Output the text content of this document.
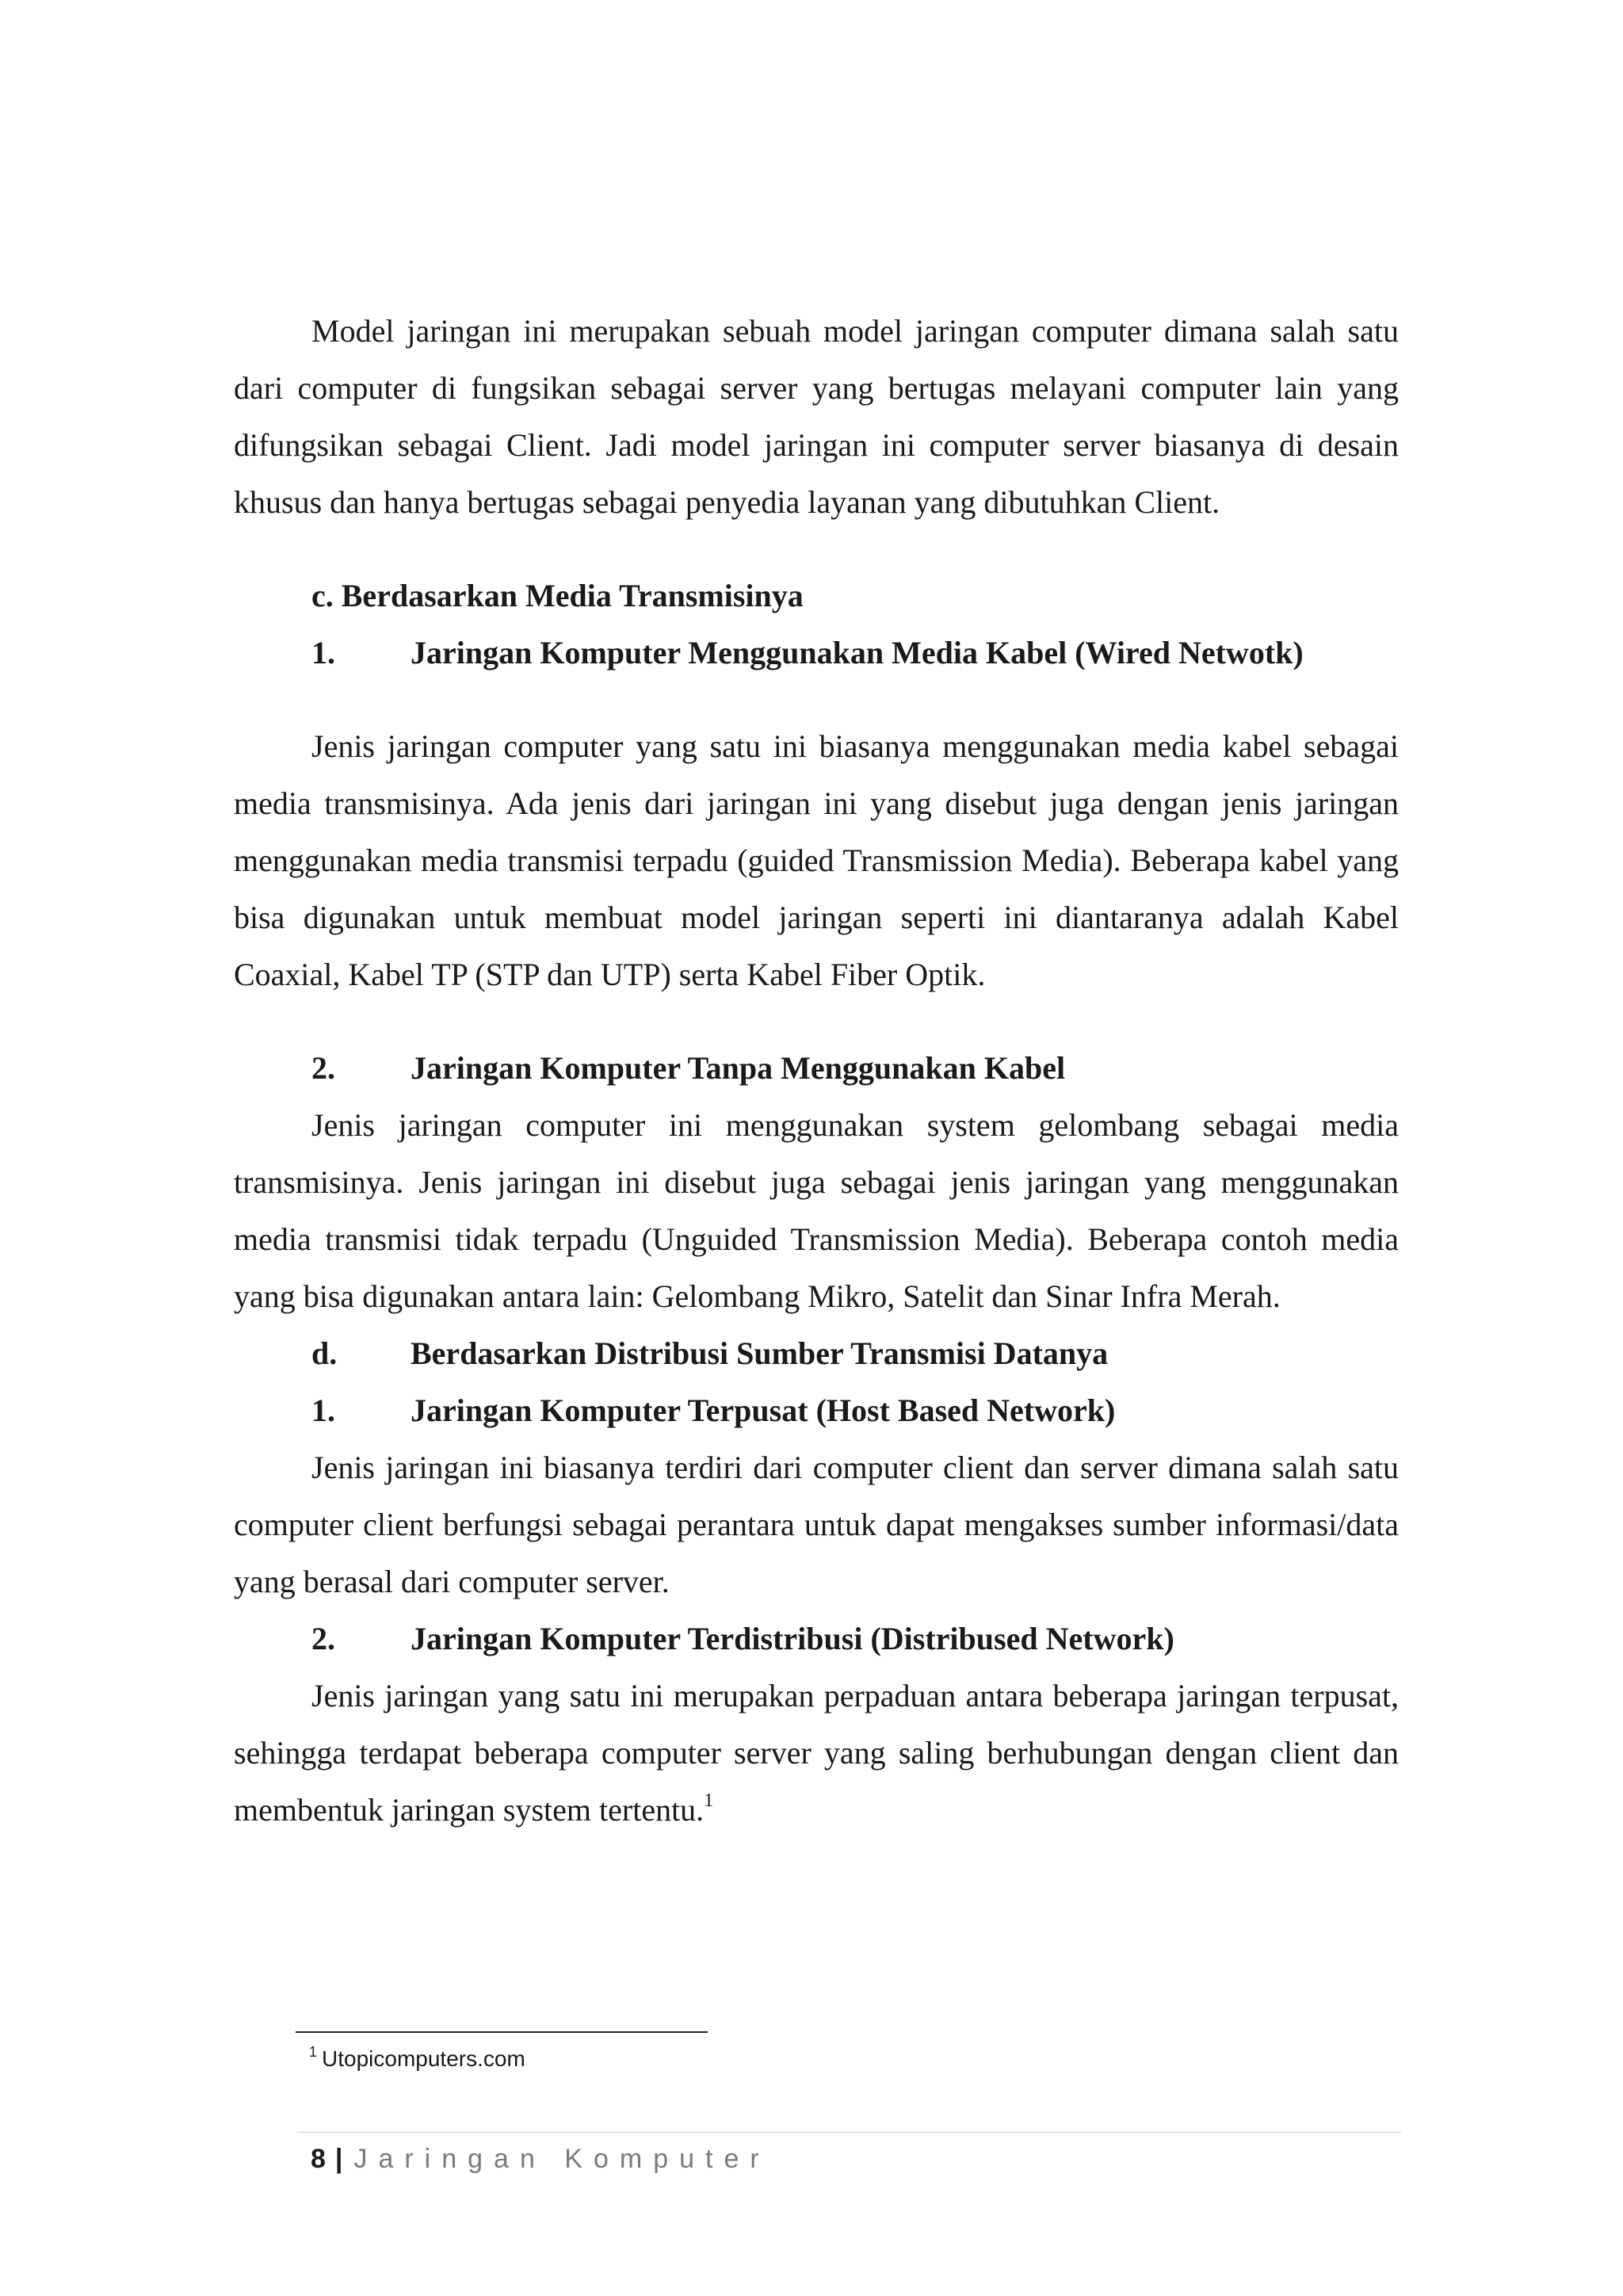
Model jaringan ini merupakan sebuah model jaringan computer dimana salah satu dari computer di fungsikan sebagai server yang bertugas melayani computer lain yang difungsikan sebagai Client. Jadi model jaringan ini computer server biasanya di desain khusus dan hanya bertugas sebagai penyedia layanan yang dibutuhkan Client.

c. Berdasarkan Media Transmisinya

1.	Jaringan Komputer Menggunakan Media Kabel (Wired Netwotk)

Jenis jaringan computer yang satu ini biasanya menggunakan media kabel sebagai media transmisinya. Ada jenis dari jaringan ini yang disebut juga dengan jenis jaringan menggunakan media transmisi terpadu (guided Transmission Media). Beberapa kabel yang bisa digunakan untuk membuat model jaringan seperti ini diantaranya adalah Kabel Coaxial, Kabel TP (STP dan UTP) serta Kabel Fiber Optik.

2.	Jaringan Komputer Tanpa Menggunakan Kabel

Jenis jaringan computer ini menggunakan system gelombang sebagai media transmisinya. Jenis jaringan ini disebut juga sebagai jenis jaringan yang menggunakan media transmisi tidak terpadu (Unguided Transmission Media). Beberapa contoh media yang bisa digunakan antara lain: Gelombang Mikro, Satelit dan Sinar Infra Merah.

d.	Berdasarkan Distribusi Sumber Transmisi Datanya

1.	Jaringan Komputer Terpusat (Host Based Network)

Jenis jaringan ini biasanya terdiri dari computer client dan server dimana salah satu computer client berfungsi sebagai perantara untuk dapat mengakses sumber informasi/data yang berasal dari computer server.

2.	Jaringan Komputer Terdistribusi (Distribused Network)

Jenis jaringan yang satu ini merupakan perpaduan antara beberapa jaringan terpusat, sehingga terdapat beberapa computer server yang saling berhubungan dengan client dan membentuk jaringan system tertentu.$^1$

$^1$ Utopicomputers.com
8 | Jaringan Komputer
